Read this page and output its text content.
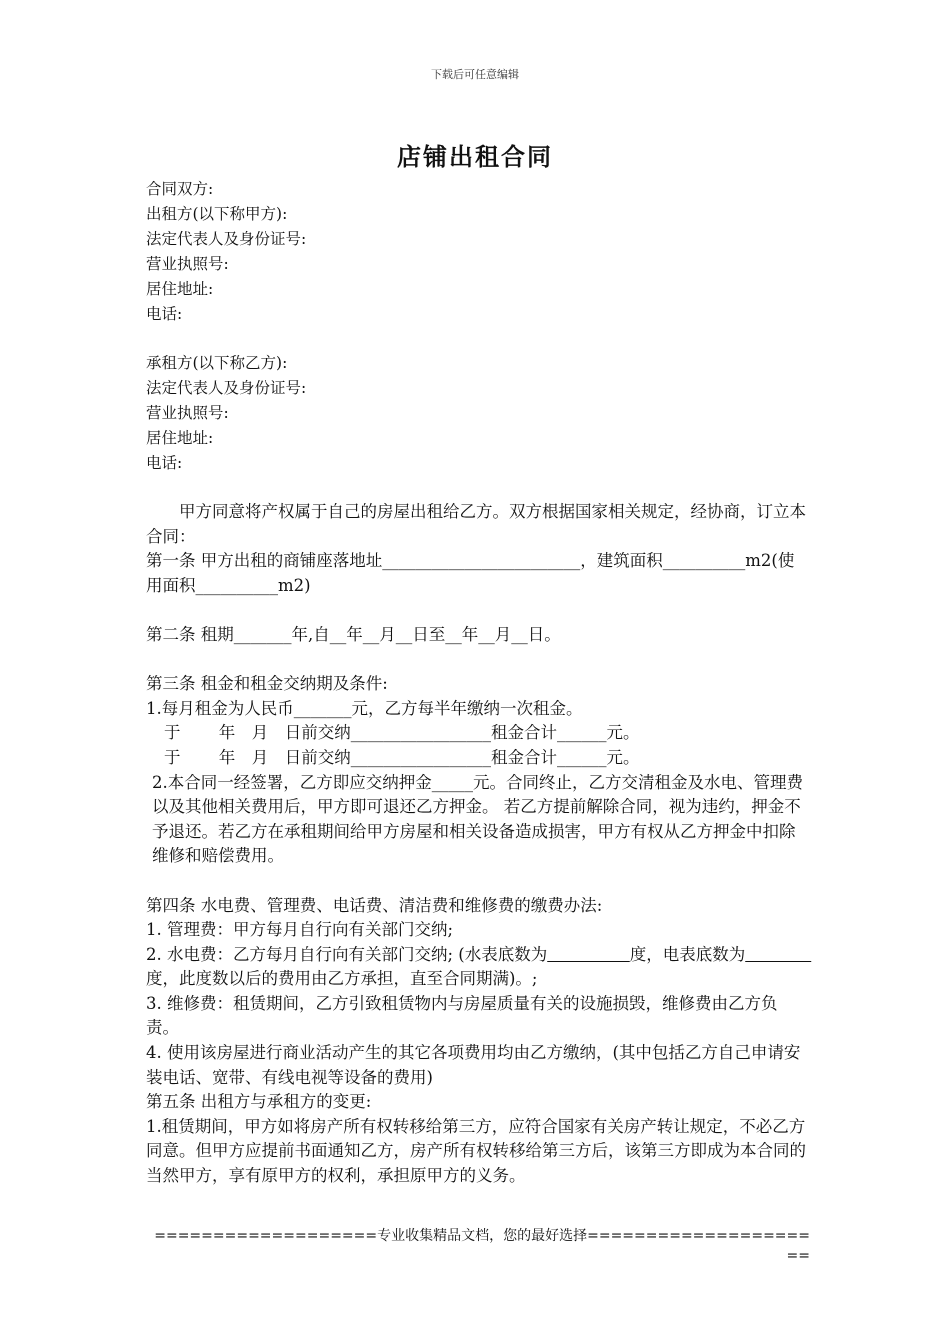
下载后可任意编辑
店铺出租合同
合同双方:
出租方(以下称甲方):
法定代表人及身份证号:
营业执照号:
居住地址:
电话:
承租方(以下称乙方):
法定代表人及身份证号:
营业执照号:
居住地址:
电话:

甲方同意将产权属于自己的房屋出租给乙方。双方根据国家相关规定，经协商，订立本合同：

第一条 甲方出租的商铺座落地址________________________，建筑面积__________m2(使用面积__________m2)

第二条 租期_______年,自__年__月__日至__年__月__日。

第三条 租金和租金交纳期及条件:

1.每月租金为人民币_______元，乙方每半年缴纳一次租金。

于　　 年　月　日前交纳_________________租金合计______元。

于　　 年　月　日前交纳_________________租金合计______元。

2.本合同一经签署，乙方即应交纳押金_____元。合同终止，乙方交清租金及水电、管理费以及其他相关费用后，甲方即可退还乙方押金。 若乙方提前解除合同，视为违约，押金不予退还。若乙方在承租期间给甲方房屋和相关设备造成损害，甲方有权从乙方押金中扣除维修和赔偿费用。

第四条 水电费、管理费、电话费、清洁费和维修费的缴费办法:

1. 管理费：甲方每月自行向有关部门交纳;

2. 水电费：乙方每月自行向有关部门交纳; (水表底数为　　　　　	度，电表底数为　　　　度，此度数以后的费用由乙方承担，直至合同期满)。;

3. 维修费：租赁期间，乙方引致租赁物内与房屋质量有关的设施损毁，维修费由乙方负责。

4. 使用该房屋进行商业活动产生的其它各项费用均由乙方缴纳，(其中包括乙方自己申请安装电话、宽带、有线电视等设备的费用)

第五条 出租方与承租方的变更:

1.租赁期间，甲方如将房产所有权转移给第三方，应符合国家有关房产转让规定，不必乙方同意。但甲方应提前书面通知乙方，房产所有权转移给第三方后，该第三方即成为本合同的当然甲方，享有原甲方的权利，承担原甲方的义务。

===================专业收集精品文档，您的最好选择=====================
